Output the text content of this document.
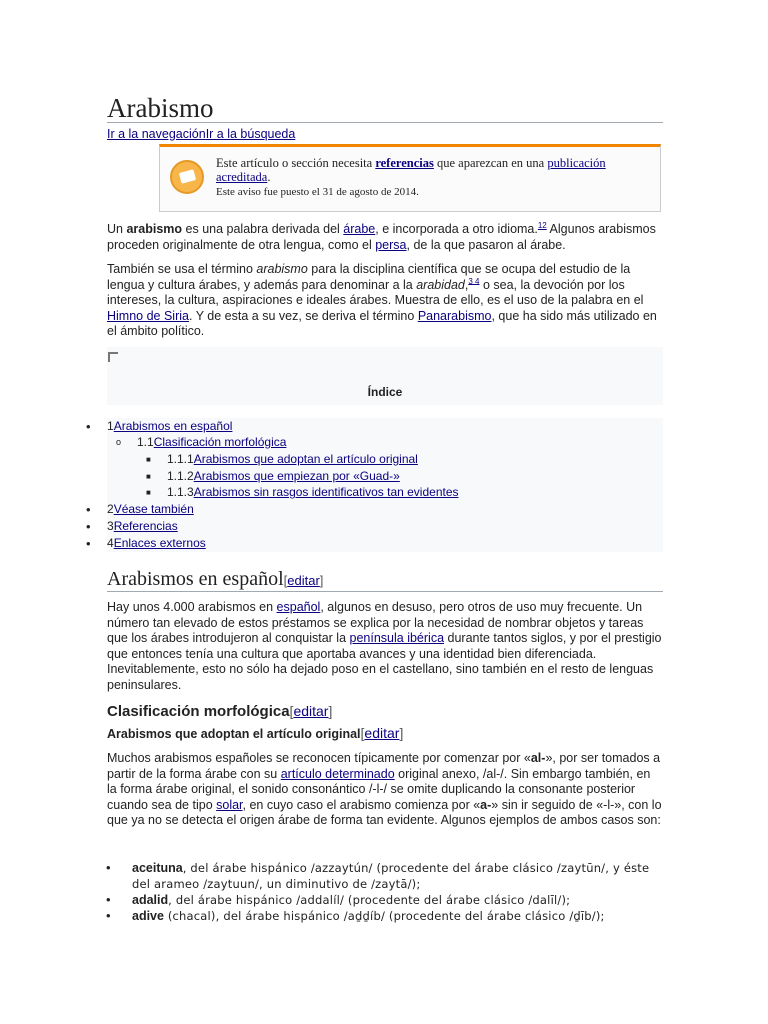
Arabismo
Ir a la navegaciónIr a la búsqueda
Este artículo o sección necesita referencias que aparezcan en una publicación acreditada.
Este aviso fue puesto el 31 de agosto de 2014.

Un arabismo es una palabra derivada del árabe, e incorporada a otro idioma.$^{12}$ Algunos arabismos proceden originalmente de otra lengua, como el persa, de la que pasaron al árabe.

También se usa el término arabismo para la disciplina científica que se ocupa del estudio de la lengua y cultura árabes, y además para denominar a la arabidad,$^{3 4}$ o sea, la devoción por los intereses, la cultura, aspiraciones e ideales árabes. Muestra de ello, es el uso de la palabra en el Himno de Siria. Y de esta a su vez, se deriva el término Panarabismo, que ha sido más utilizado en el ámbito político.

Índice
Arabismos en español[editar]

Hay unos 4.000 arabismos en español, algunos en desuso, pero otros de uso muy frecuente. Un número tan elevado de estos préstamos se explica por la necesidad de nombrar objetos y tareas que los árabes introdujeron al conquistar la península ibérica durante tantos siglos, y por el prestigio que entonces tenía una cultura que aportaba avances y una identidad bien diferenciada. Inevitablemente, esto no sólo ha dejado poso en el castellano, sino también en el resto de lenguas peninsulares.

Clasificación morfológica[editar]
Arabismos que adoptan el artículo original[editar]

Muchos arabismos españoles se reconocen típicamente por comenzar por «al-», por ser tomados a partir de la forma árabe con su artículo determinado original anexo, /al-/. Sin embargo también, en la forma árabe original, el sonido consonántico /-l-/ se omite duplicando la consonante posterior cuando sea de tipo solar, en cuyo caso el arabismo comienza por «a-» sin ir seguido de «-l-», con lo que ya no se detecta el origen árabe de forma tan evidente. Algunos ejemplos de ambos casos son:

• aceituna, del árabe hispánico /azzaytún/ (procedente del árabe clásico /zaytūn/, y éste del arameo /zaytuun/, un diminutivo de /zaytā/);
• adalid, del árabe hispánico /addalíl/ (procedente del árabe clásico /dalīl/);
• adive (chacal), del árabe hispánico /aḏḏíb/ (procedente del árabe clásico /ḏīb/);
• 1Arabismos en español
o 1.1Clasificación morfológica
■ 1.1.1Arabismos que adoptan el artículo original
■ 1.1.2Arabismos que empiezan por «Guad-»
■ 1.1.3Arabismos sin rasgos identificativos tan evidentes
• 2Véase también
• 3Referencias
• 4Enlaces externos
